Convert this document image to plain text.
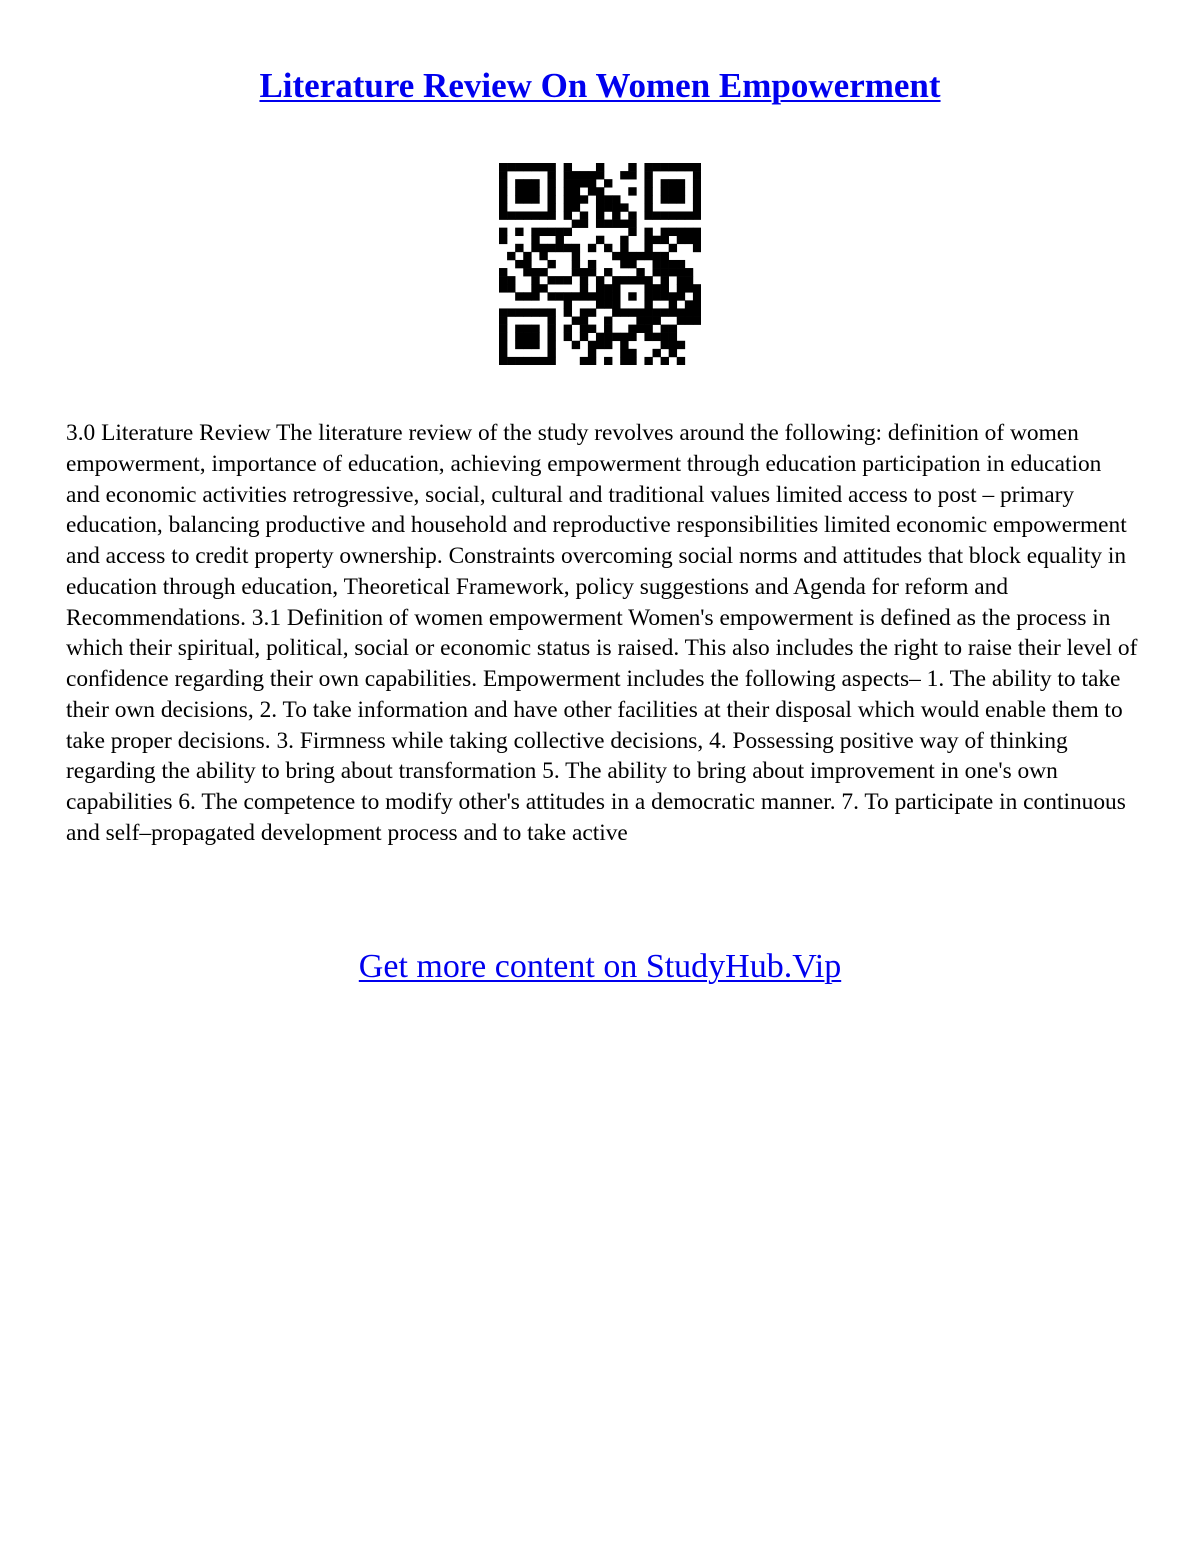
Literature Review On Women Empowerment

3.0 Literature Review The literature review of the study revolves around the following: definition of women empowerment, importance of education, achieving empowerment through education participation in education and economic activities retrogressive, social, cultural and traditional values limited access to post – primary education, balancing productive and household and reproductive responsibilities limited economic empowerment and access to credit property ownership. Constraints overcoming social norms and attitudes that block equality in education through education, Theoretical Framework, policy suggestions and Agenda for reform and Recommendations. 3.1 Definition of women empowerment Women's empowerment is defined as the process in which their spiritual, political, social or economic status is raised. This also includes the right to raise their level of confidence regarding their own capabilities. Empowerment includes the following aspects– 1. The ability to take their own decisions, 2. To take information and have other facilities at their disposal which would enable them to take proper decisions. 3. Firmness while taking collective decisions, 4. Possessing positive way of thinking regarding the ability to bring about transformation 5. The ability to bring about improvement in one's own capabilities 6. The competence to modify other's attitudes in a democratic manner. 7. To participate in continuous and self–propagated development process and to take active

Get more content on StudyHub.Vip
